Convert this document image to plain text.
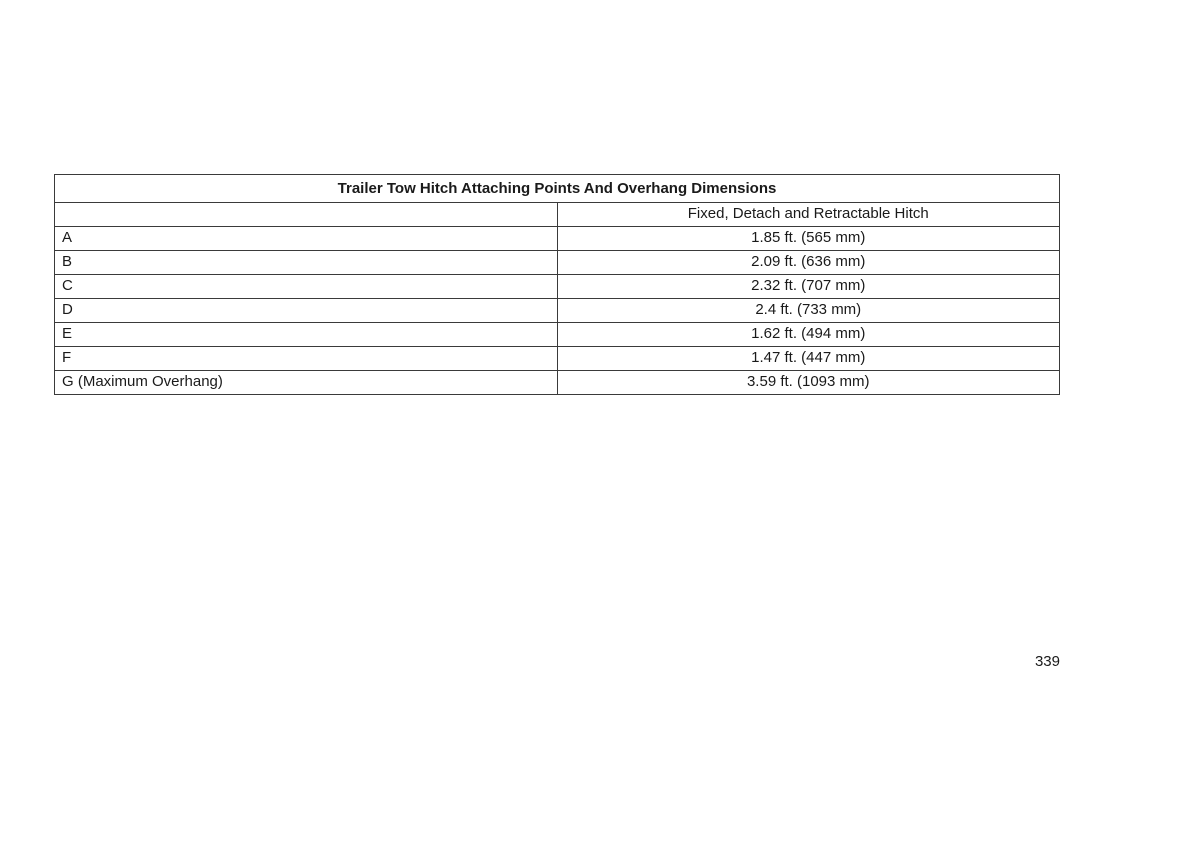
Trailer Tow Hitch Attaching Points And Overhang Dimensions	
	Fixed, Detach and Retractable Hitch
A	1.85 ft. (565 mm)
B	2.09 ft. (636 mm)
C	2.32 ft. (707 mm)
D	2.4 ft. (733 mm)
E	1.62 ft. (494 mm)
F	1.47 ft. (447 mm)
G (Maximum Overhang)	3.59 ft. (1093 mm)
339
